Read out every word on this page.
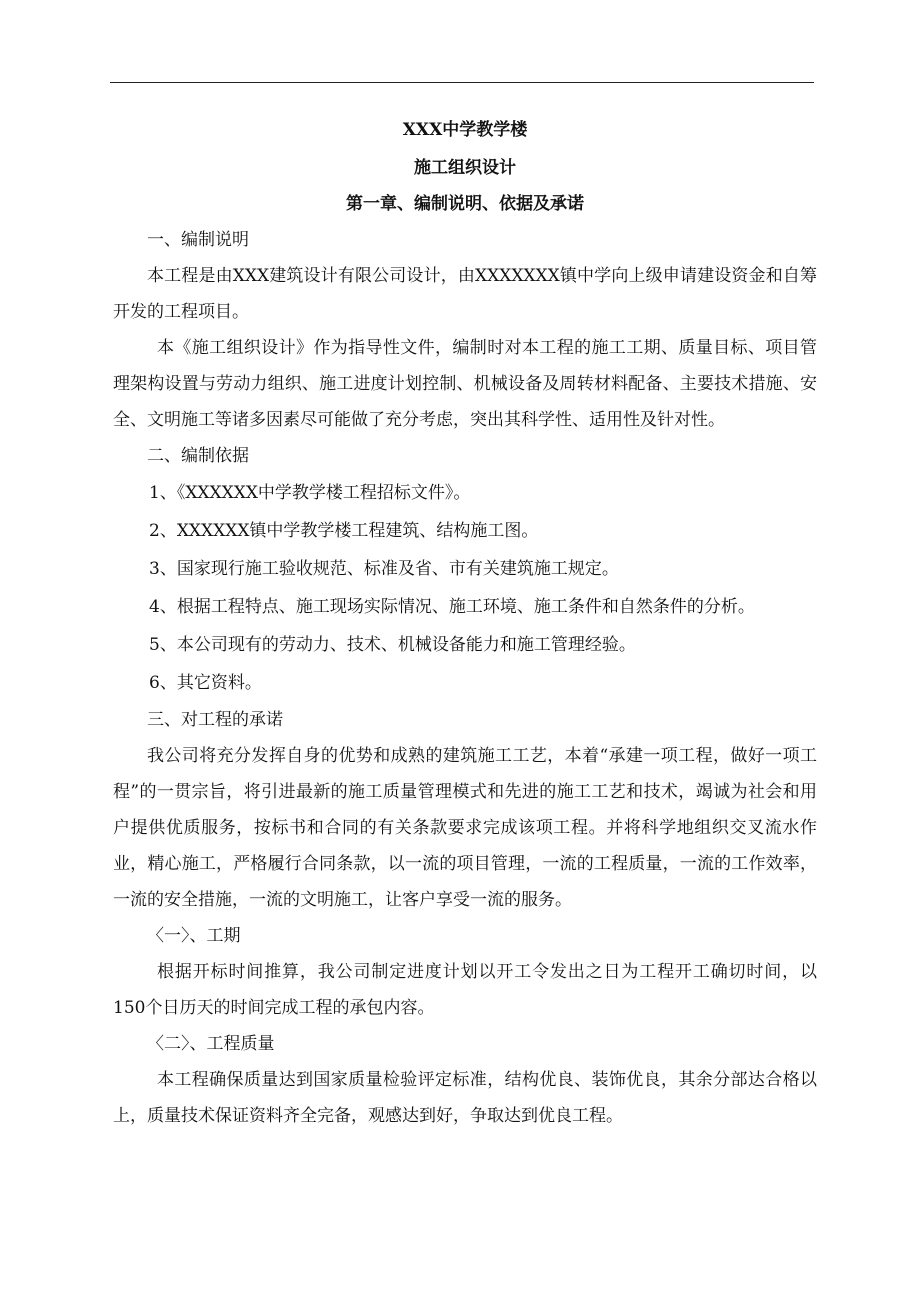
XXX中学教学楼

施工组织设计

第一章、编制说明、依据及承诺

一、编制说明

本工程是由XXX建筑设计有限公司设计，由XXXXXXX镇中学向上级申请建设资金和自筹开发的工程项目。

本《施工组织设计》作为指导性文件，编制时对本工程的施工工期、质量目标、项目管理架构设置与劳动力组织、施工进度计划控制、机械设备及周转材料配备、主要技术措施、安全、文明施工等诸多因素尽可能做了充分考虑，突出其科学性、适用性及针对性。

二、编制依据

1、《XXXXXX中学教学楼工程招标文件》。

2、XXXXXX镇中学教学楼工程建筑、结构施工图。

3、国家现行施工验收规范、标准及省、市有关建筑施工规定。

4、根据工程特点、施工现场实际情况、施工环境、施工条件和自然条件的分析。

5、本公司现有的劳动力、技术、机械设备能力和施工管理经验。

6、其它资料。

三、对工程的承诺

我公司将充分发挥自身的优势和成熟的建筑施工工艺，本着“承建一项工程，做好一项工程”的一贯宗旨，将引进最新的施工质量管理模式和先进的施工工艺和技术，竭诚为社会和用户提供优质服务，按标书和合同的有关条款要求完成该项工程。并将科学地组织交叉流水作业，精心施工，严格履行合同条款，以一流的项目管理，一流的工程质量，一流的工作效率，一流的安全措施，一流的文明施工，让客户享受一流的服务。

〈一〉、工期

根据开标时间推算，我公司制定进度计划以开工令发出之日为工程开工确切时间，以150个日历天的时间完成工程的承包内容。

〈二〉、工程质量

本工程确保质量达到国家质量检验评定标准，结构优良、装饰优良，其余分部达合格以上，质量技术保证资料齐全完备，观感达到好，争取达到优良工程。
